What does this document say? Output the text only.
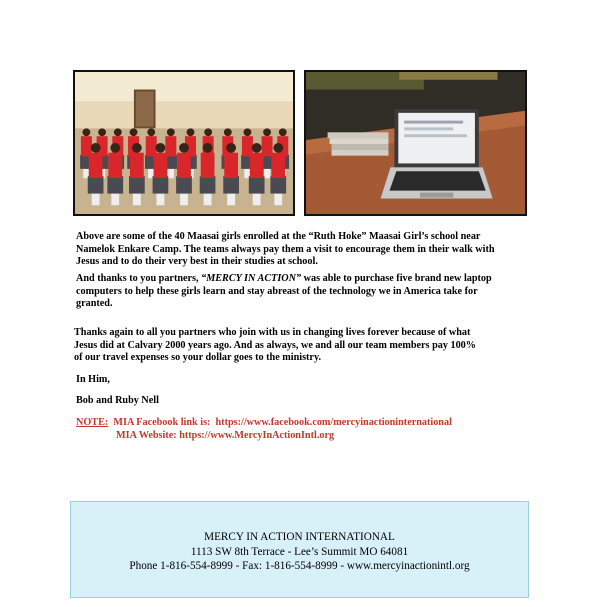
Above are some of the 40 Maasai girls enrolled at the “Ruth Hoke” Maasai Girl’s school near
Namelok Enkare Camp. The teams always pay them a visit to encourage them in their walk with
Jesus and to do their very best in their studies at school.
And thanks to you partners, “MERCY IN ACTION” was able to purchase five brand new laptop
computers to help these girls learn and stay abreast of the technology we in America take for
granted.
Thanks again to all you partners who join with us in changing lives forever because of what
Jesus did at Calvary 2000 years ago. And as always, we and all our team members pay 100%
of our travel expenses so your dollar goes to the ministry.
In Him,
Bob and Ruby Nell
NOTE:  MIA Facebook link is:  https://www.facebook.com/mercyinactioninternational
MIA Website: https://www.MercyInActionIntl.org
MERCY IN ACTION INTERNATIONAL
1113 SW 8th Terrace - Lee’s Summit MO 64081
Phone 1-816-554-8999 - Fax: 1-816-554-8999 - www.mercyinactionintl.org
